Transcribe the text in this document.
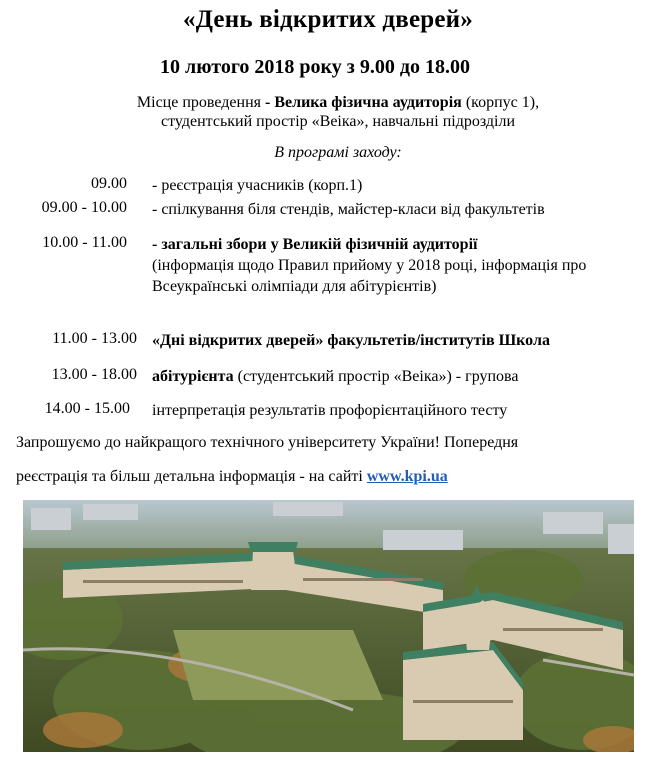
«День відкритих дверей»
10 лютого 2018 року з 9.00 до 18.00
Місце проведення - Велика фізична аудиторія (корпус 1),
студентський простір «Веіка», навчальні підрозділи
В програмі заходу:
09.00 - реєстрація учасників (корп.1)
09.00 - 10.00 - спілкування біля стендів, майстер-класи від факультетів
10.00 - 11.00 - загальні збори у Великій фізичній аудиторії
(інформація щодо Правил прийому у 2018 році, інформація про Всеукраїнські олімпіади для абітурієнтів)
11.00 - 13.00 «Дні відкритих дверей» факультетів/інститутів Школа
13.00 - 18.00 абітурієнта (студентський простір «Веіка») - групова
14.00 - 15.00 інтерпретація результатів профорієнтаційного тесту
Запрошуємо до найкращого технічного університету України! Попередня
реєстрація та більш детальна інформація - на сайті www.kpi.ua
